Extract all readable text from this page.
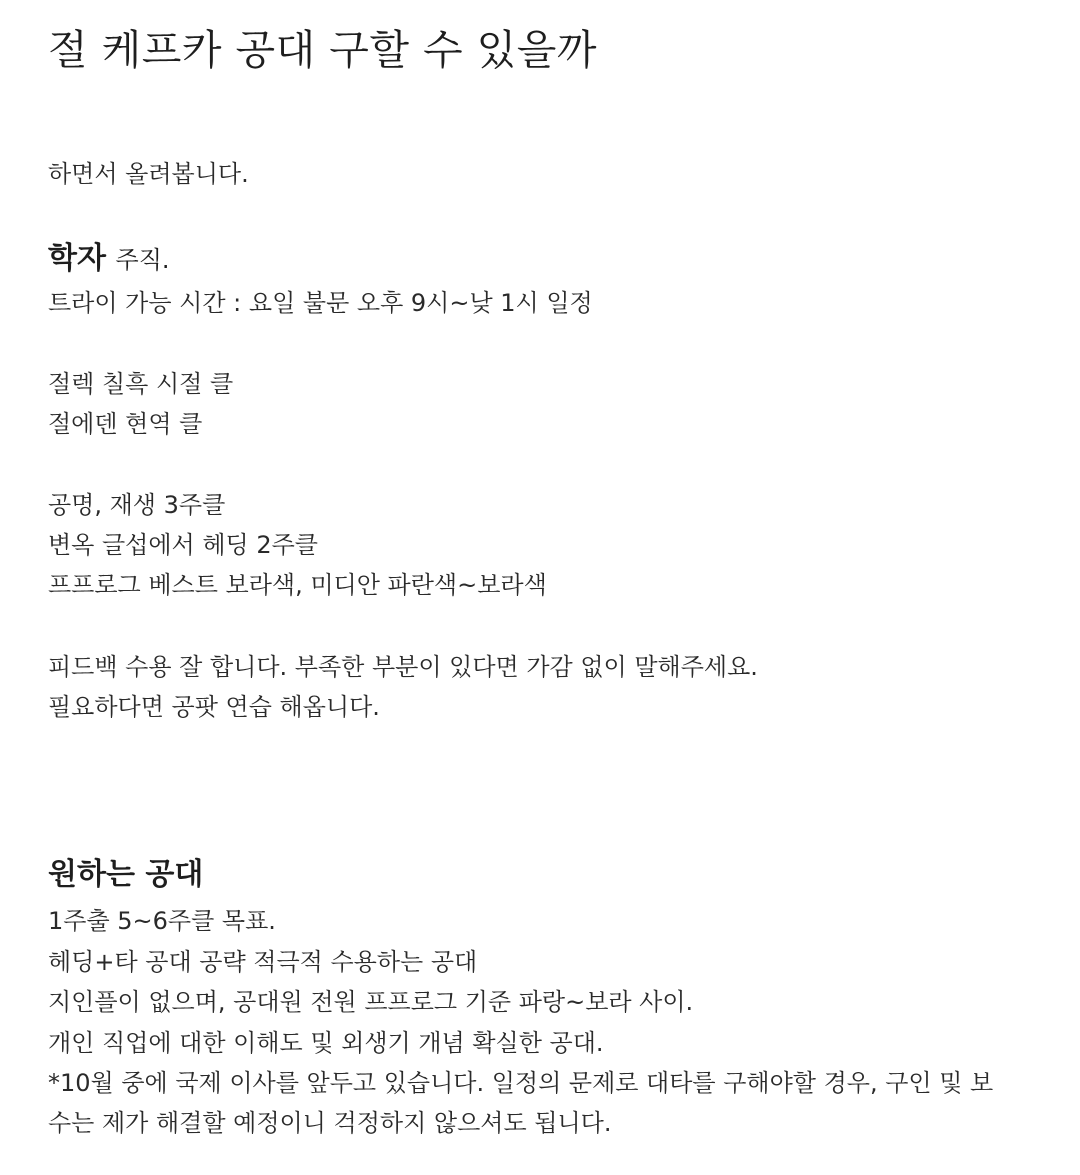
절 케프카 공대 구할 수 있을까
하면서 올려봅니다.
학자 주직.
트라이 가능 시간 : 요일 불문 오후 9시~낮 1시 일정
절렉 칠흑 시절 클
절에덴 현역 클
공명, 재생 3주클
변옥 글섭에서 헤딩 2주클
프프로그 베스트 보라색, 미디안 파란색~보라색
피드백 수용 잘 합니다. 부족한 부분이 있다면 가감 없이 말해주세요.
필요하다면 공팟 연습 해옵니다.
원하는 공대
1주출 5~6주클 목표.
헤딩+타 공대 공략 적극적 수용하는 공대
지인플이 없으며, 공대원 전원 프프로그 기준 파랑~보라 사이.
개인 직업에 대한 이해도 및 외생기 개념 확실한 공대.
*10월 중에 국제 이사를 앞두고 있습니다. 일정의 문제로 대타를 구해야할 경우, 구인 및 보
수는 제가 해결할 예정이니 걱정하지 않으셔도 됩니다.
